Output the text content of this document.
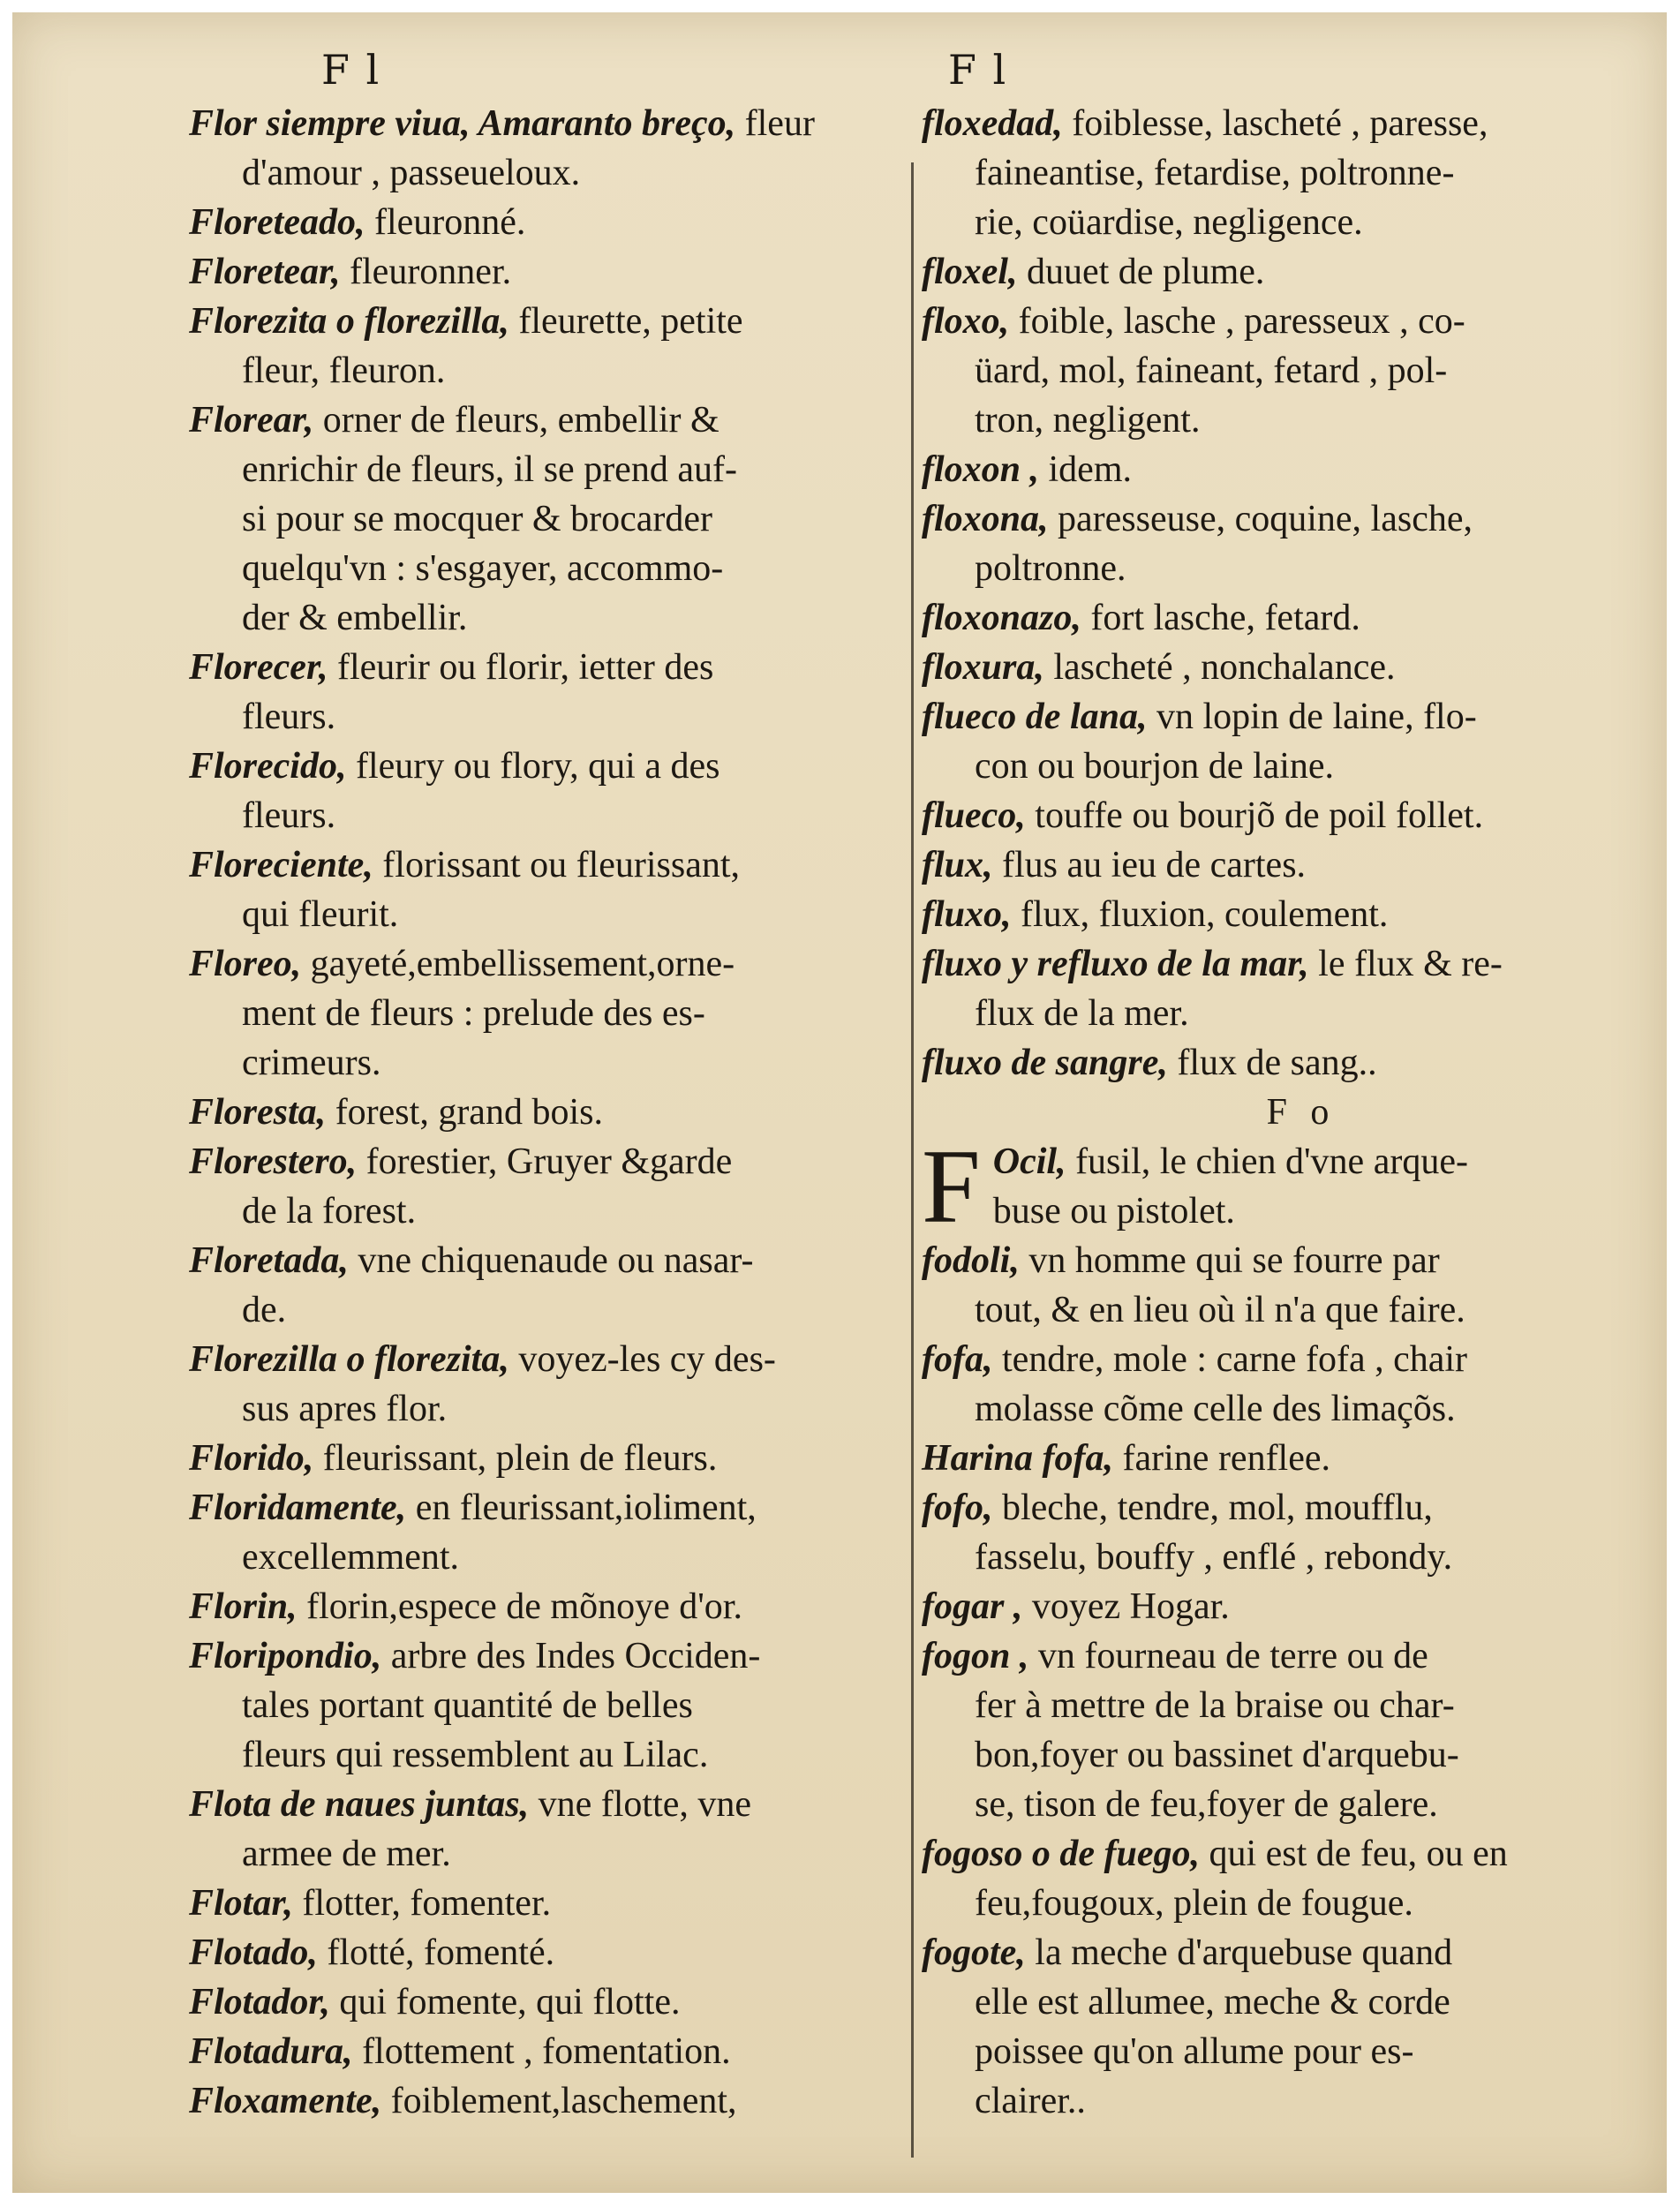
F l	F l
Flor siempre viua, Amaranto breço, fleur
d'amour , passeueloux.
Floreteado, fleuronné.
Floretear, fleuronner.
Florezita o florezilla, fleurette, petite
fleur, fleuron.
Florear, orner de fleurs, embellir &
enrichir de fleurs, il se prend auf-
si pour se mocquer & brocarder
quelqu'vn : s'esgayer, accommo-
der & embellir.
Florecer, fleurir ou florir, ietter des
fleurs.
Florecido, fleury ou flory, qui a des
fleurs.
Floreciente, florissant ou fleurissant,
qui fleurit.
Floreo, gayeté,embellissement,orne-
ment de fleurs : prelude des es-
crimeurs.
Floresta, forest, grand bois.
Florestero, forestier, Gruyer &garde
de la forest.
Floretada, vne chiquenaude ou nasar-
de.
Florezilla o florezita, voyez-les cy des-
sus apres flor.
Florido, fleurissant, plein de fleurs.
Floridamente, en fleurissant,ioliment,
excellemment.
Florin, florin,espece de mõnoye d'or.
Floripondio, arbre des Indes Occiden-
tales portant quantité de belles
fleurs qui ressemblent au Lilac.
Flota de naues juntas, vne flotte, vne
armee de mer.
Flotar, flotter, fomenter.
Flotado, flotté, fomenté.
Flotador, qui fomente, qui flotte.
Flotadura, flottement , fomentation.
Floxamente, foiblement,laschement,
floxedad, foiblesse, lascheté , paresse,
faineantise, fetardise, poltronne-
rie, coüardise, negligence.
floxel, duuet de plume.
floxo, foible, lasche , paresseux , co-
üard, mol, faineant, fetard , pol-
tron, negligent.
floxon , idem.
floxona, paresseuse, coquine, lasche,
poltronne.
floxonazo, fort lasche, fetard.
floxura, lascheté , nonchalance.
flueco de lana, vn lopin de laine, flo-
con ou bourjon de laine.
flueco, touffe ou bourjõ de poil follet.
flux, flus au ieu de cartes.
fluxo, flux, fluxion, coulement.
fluxo y refluxo de la mar, le flux & re-
flux de la mer.
fluxo de sangre, flux de sang..
F o
F Ocil, fusil, le chien d'vne arque-
buse ou pistolet.
fodoli, vn homme qui se fourre par
tout, & en lieu où il n'a que faire.
fofa, tendre, mole : carne fofa , chair
molasse cõme celle des limaçõs.
Harina fofa, farine renflee.
fofo, bleche, tendre, mol, moufflu,
fasselu, bouffy , enflé , rebondy.
fogar , voyez Hogar.
fogon , vn fourneau de terre ou de
fer à mettre de la braise ou char-
bon,foyer ou bassinet d'arquebu-
se, tison de feu,foyer de galere.
fogoso o de fuego, qui est de feu, ou en
feu,fougoux, plein de fougue.
fogote, la meche d'arquebuse quand
elle est allumee, meche & corde
poissee qu'on allume pour es-
clairer..
